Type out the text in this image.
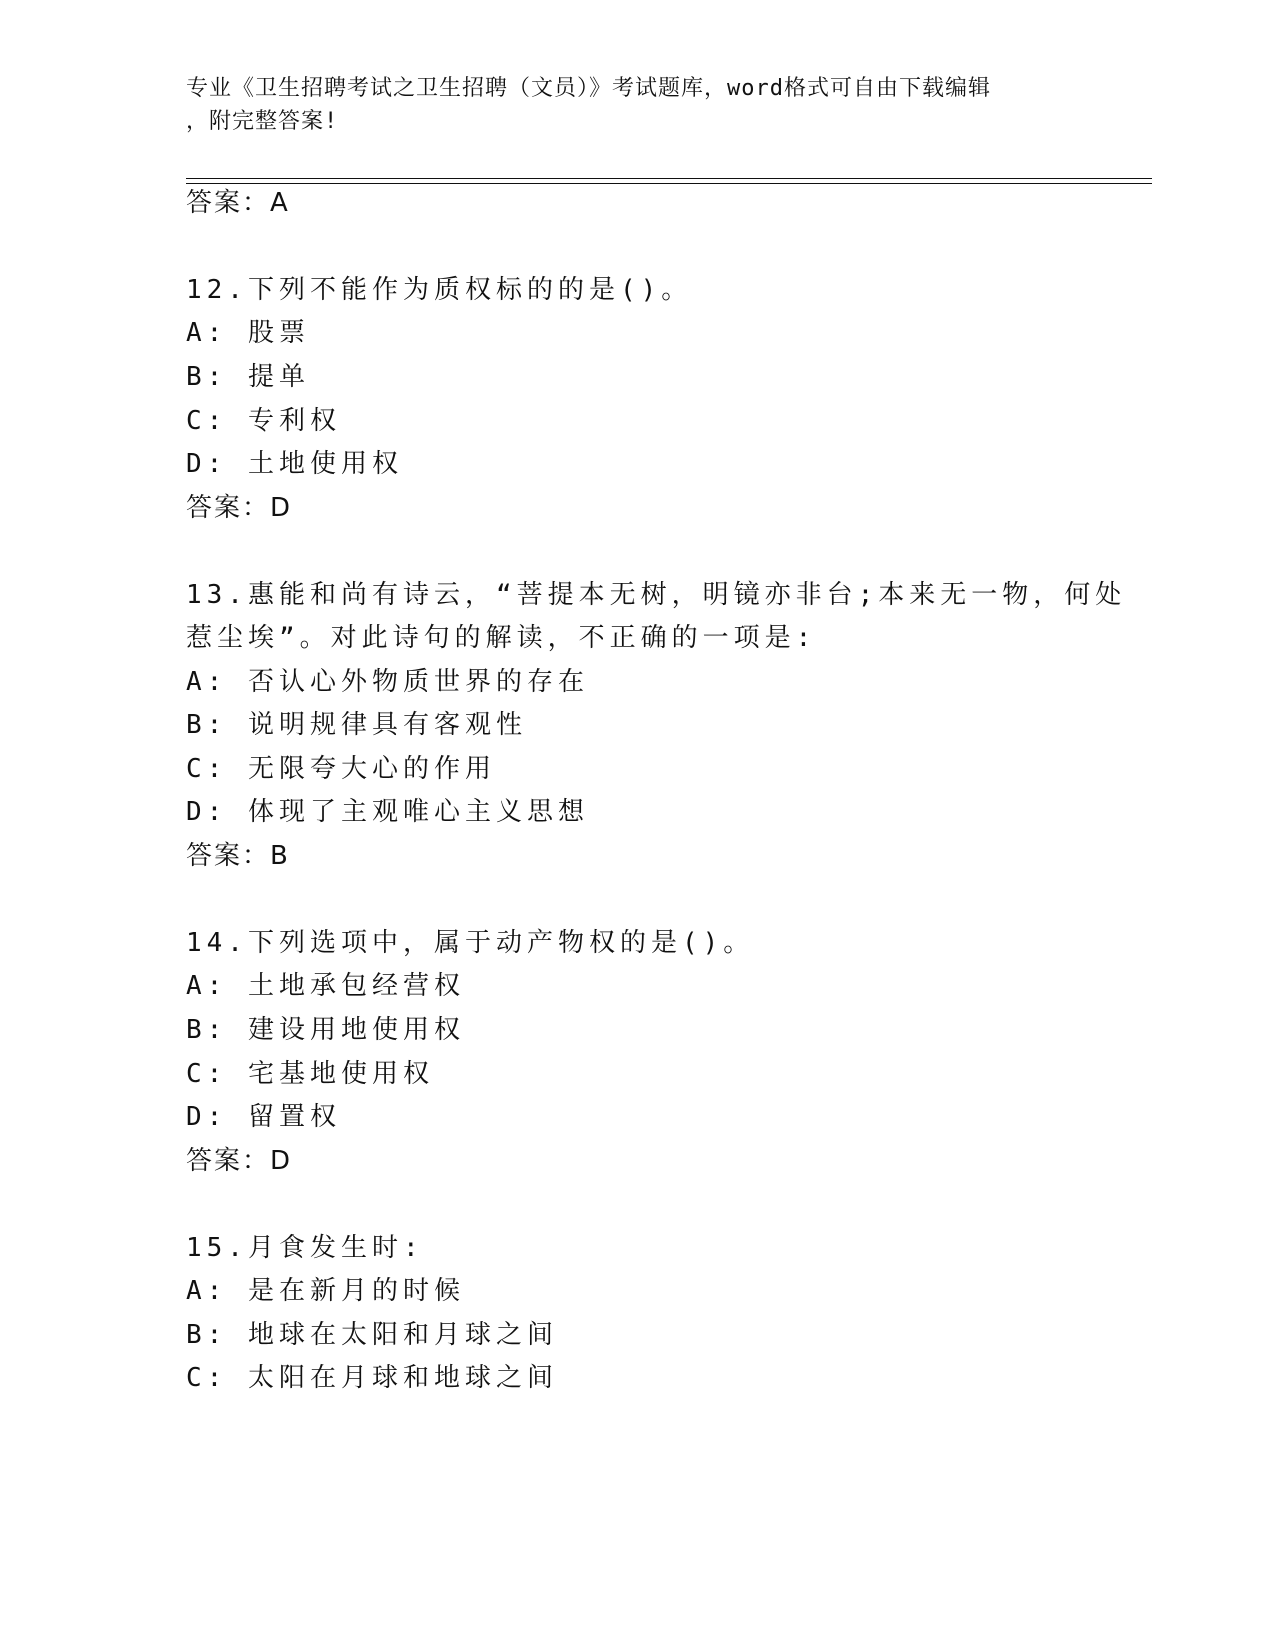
专业《卫生招聘考试之卫生招聘（文员）》考试题库，word格式可自由下载编辑
，附完整答案!
答案：A
12.下列不能作为质权标的的是()。
A: 股票
B: 提单
C: 专利权
D: 土地使用权
答案：D
13.惠能和尚有诗云，“菩提本无树，明镜亦非台;本来无一物，何处
惹尘埃”。对此诗句的解读，不正确的一项是:
A: 否认心外物质世界的存在
B: 说明规律具有客观性
C: 无限夸大心的作用
D: 体现了主观唯心主义思想
答案：B
14.下列选项中，属于动产物权的是()。
A: 土地承包经营权
B: 建设用地使用权
C: 宅基地使用权
D: 留置权
答案：D
15.月食发生时:
A: 是在新月的时候
B: 地球在太阳和月球之间
C: 太阳在月球和地球之间
